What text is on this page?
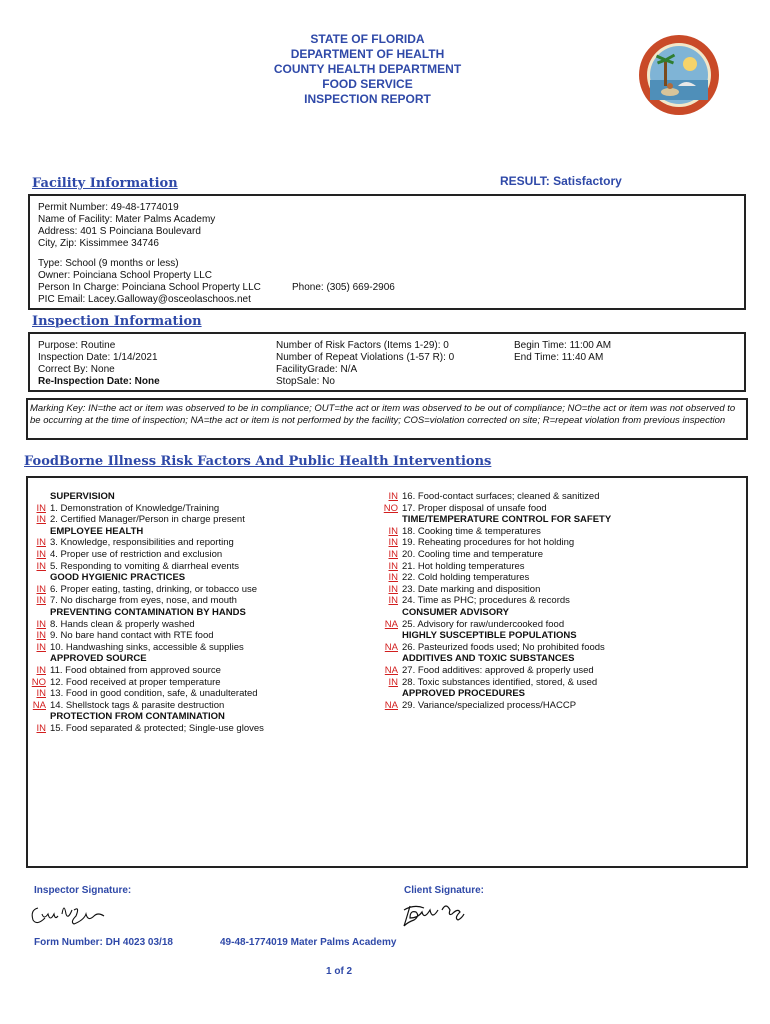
STATE OF FLORIDA
DEPARTMENT OF HEALTH
COUNTY HEALTH DEPARTMENT
FOOD SERVICE
INSPECTION REPORT
Facility Information	RESULT: Satisfactory
Permit Number: 49-48-1774019
Name of Facility: Mater Palms Academy
Address: 401 S Poinciana Boulevard
City, Zip: Kissimmee 34746
Type: School (9 months or less)
Owner: Poinciana School Property LLC
Person In Charge: Poinciana School Property LLC	Phone: (305) 669-2906
PIC Email: Lacey.Galloway@osceolaschoos.net
Inspection Information
Purpose: Routine
Inspection Date: 1/14/2021
Correct By: None
Re-Inspection Date: None
Number of Risk Factors (Items 1-29): 0
Number of Repeat Violations (1-57 R): 0
FacilityGrade: N/A
StopSale: No
Begin Time: 11:00 AM
End Time: 11:40 AM
Marking Key: IN=the act or item was observed to be in compliance; OUT=the act or item was observed to be out of compliance; NO=the act or item was not observed to be occurring at the time of inspection; NA=the act or item is not performed by the facility; COS=violation corrected on site; R=repeat violation from previous inspection
FoodBorne Illness Risk Factors And Public Health Interventions
SUPERVISION
IN 1. Demonstration of Knowledge/Training
IN 2. Certified Manager/Person in charge present
EMPLOYEE HEALTH
IN 3. Knowledge, responsibilities and reporting
IN 4. Proper use of restriction and exclusion
IN 5. Responding to vomiting & diarrheal events
GOOD HYGIENIC PRACTICES
IN 6. Proper eating, tasting, drinking, or tobacco use
IN 7. No discharge from eyes, nose, and mouth
PREVENTING CONTAMINATION BY HANDS
IN 8. Hands clean & properly washed
IN 9. No bare hand contact with RTE food
IN 10. Handwashing sinks, accessible & supplies
APPROVED SOURCE
IN 11. Food obtained from approved source
NO 12. Food received at proper temperature
IN 13. Food in good condition, safe, & unadulterated
NA 14. Shellstock tags & parasite destruction
PROTECTION FROM CONTAMINATION
IN 15. Food separated & protected; Single-use gloves
IN 16. Food-contact surfaces; cleaned & sanitized
NO 17. Proper disposal of unsafe food
TIME/TEMPERATURE CONTROL FOR SAFETY
IN 18. Cooking time & temperatures
IN 19. Reheating procedures for hot holding
IN 20. Cooling time and temperature
IN 21. Hot holding temperatures
IN 22. Cold holding temperatures
IN 23. Date marking and disposition
IN 24. Time as PHC; procedures & records
CONSUMER ADVISORY
NA 25. Advisory for raw/undercooked food
HIGHLY SUSCEPTIBLE POPULATIONS
NA 26. Pasteurized foods used; No prohibited foods
ADDITIVES AND TOXIC SUBSTANCES
NA 27. Food additives: approved & properly used
IN 28. Toxic substances identified, stored, & used
APPROVED PROCEDURES
NA 29. Variance/specialized process/HACCP
Inspector Signature:	Client Signature:
Form Number: DH 4023 03/18	49-48-1774019 Mater Palms Academy
1 of 2
